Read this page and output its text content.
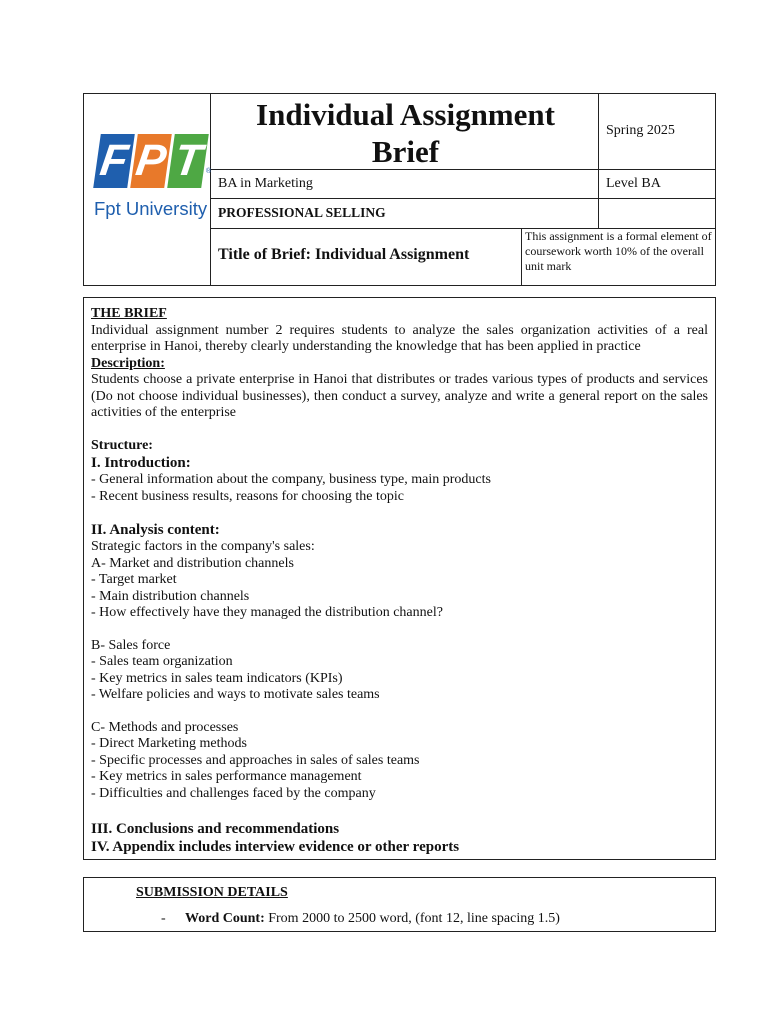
F P T ®
Fpt University
Individual Assignment
Brief
Spring 2025
BA in Marketing	Level BA
PROFESSIONAL SELLING
Title of Brief: Individual Assignment
This assignment is a formal element of coursework worth 10% of the overall unit mark

THE BRIEF

Individual assignment number 2 requires students to analyze the sales organization activities of a real enterprise in Hanoi, thereby clearly understanding the knowledge that has been applied in practice

Description:

Students choose a private enterprise in Hanoi that distributes or trades various types of products and services (Do not choose individual businesses), then conduct a survey, analyze and write a general report on the sales activities of the enterprise

Structure:

I. Introduction:

- General information about the company, business type, main products

- Recent business results, reasons for choosing the topic

II. Analysis content:

Strategic factors in the company's sales:

A- Market and distribution channels

- Target market

- Main distribution channels

- How effectively have they managed the distribution channel?

B- Sales force

- Sales team organization

- Key metrics in sales team indicators (KPIs)

- Welfare policies and ways to motivate sales teams

C- Methods and processes

- Direct Marketing methods

- Specific processes and approaches in sales of sales teams

- Key metrics in sales performance management

- Difficulties and challenges faced by the company

III. Conclusions and recommendations

IV. Appendix includes interview evidence or other reports

SUBMISSION DETAILS
- Word Count: From 2000 to 2500 word, (font 12, line spacing 1.5)
